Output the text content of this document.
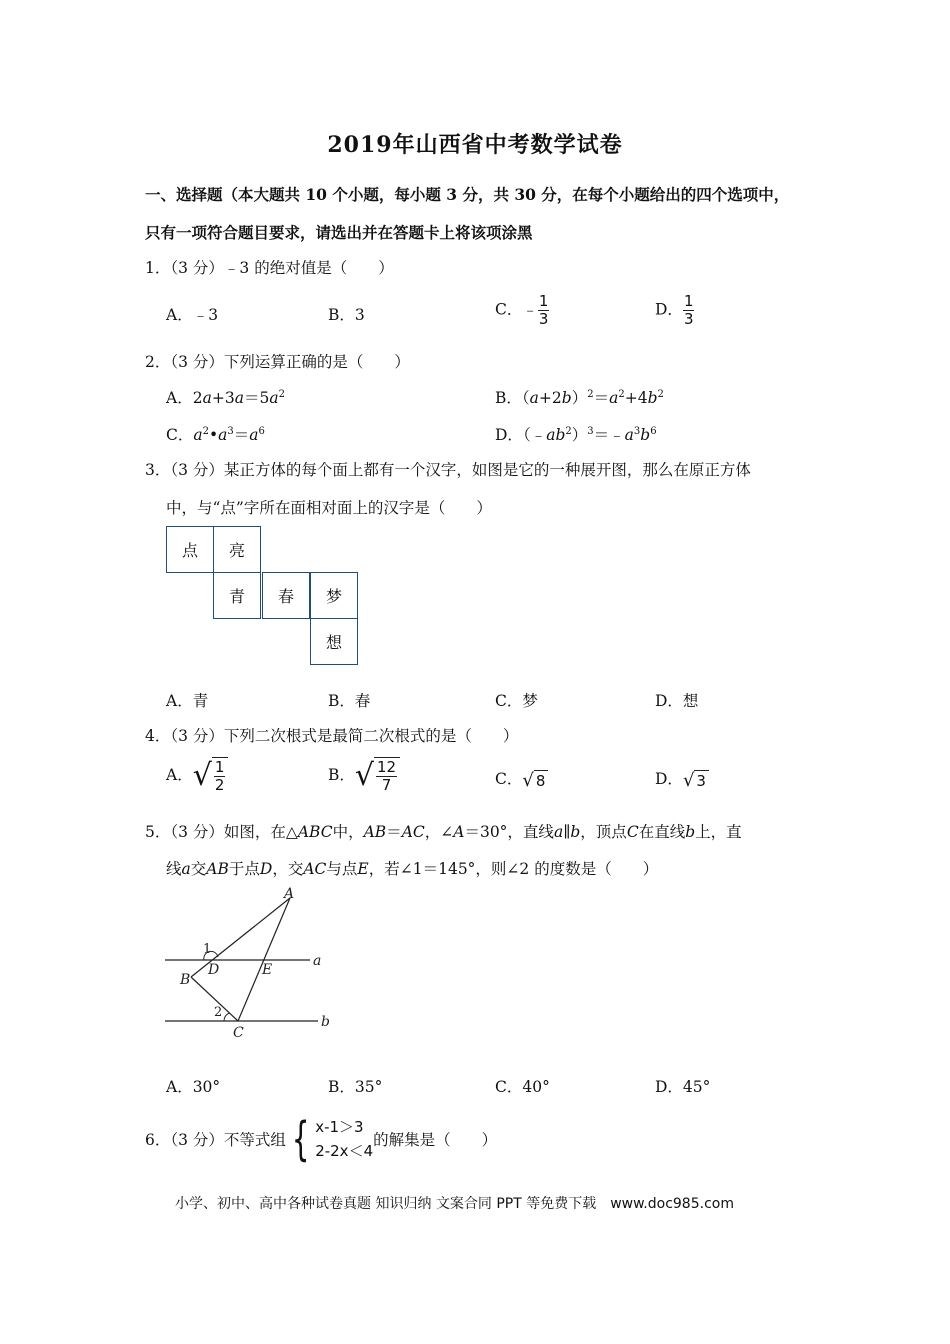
2019年山西省中考数学试卷
一、选择题（本大题共 10 个小题，每小题 3 分，共 30 分，在每个小题给出的四个选项中，
只有一项符合题目要求，请选出并在答题卡上将该项涂黑
1．（3 分）﹣3 的绝对值是（　　）
A．﹣3	B．3	C．﹣ $\frac{1}{3}$	D． $\frac{1}{3}$
2．（3 分）下列运算正确的是（　　）
A．$2a+3a=5a^2$	B．$(a+2b)^2=a^2+4b^2$
C．$a^2•a^3=a^6$	D．$(﹣ab^2)^3=﹣a^3b^6$
3．（3 分）某正方体的每个面上都有一个汉字，如图是它的一种展开图，那么在原正方体
中，与“点”字所在面相对面上的汉字是（　　）
点	亮
青	春	梦
想
A．青	B．春	C．梦	D．想
4．（3 分）下列二次根式是最简二次根式的是（　　）
A． √ $\frac{1}{2}$	B． √ $\frac{12}{7}$	C． √ 8	D． √ 3
5．（3 分）如图，在△ABC中，AB＝AC，∠A＝30°，直线a∥b，顶点C在直线b上，直
线a交AB于点D，交AC与点E，若∠1＝145°，则∠2 的度数是（　　）
A
B
C
D	E
a
b
1
2
A．30°	B．35°	C．40°	D．45°
6．（3 分）不等式组 { x-1＞3
2-2x＜4
的解集是（　　）
小学、初中、高中各种试卷真题 知识归纳 文案合同 PPT 等免费下载　www.doc985.com
